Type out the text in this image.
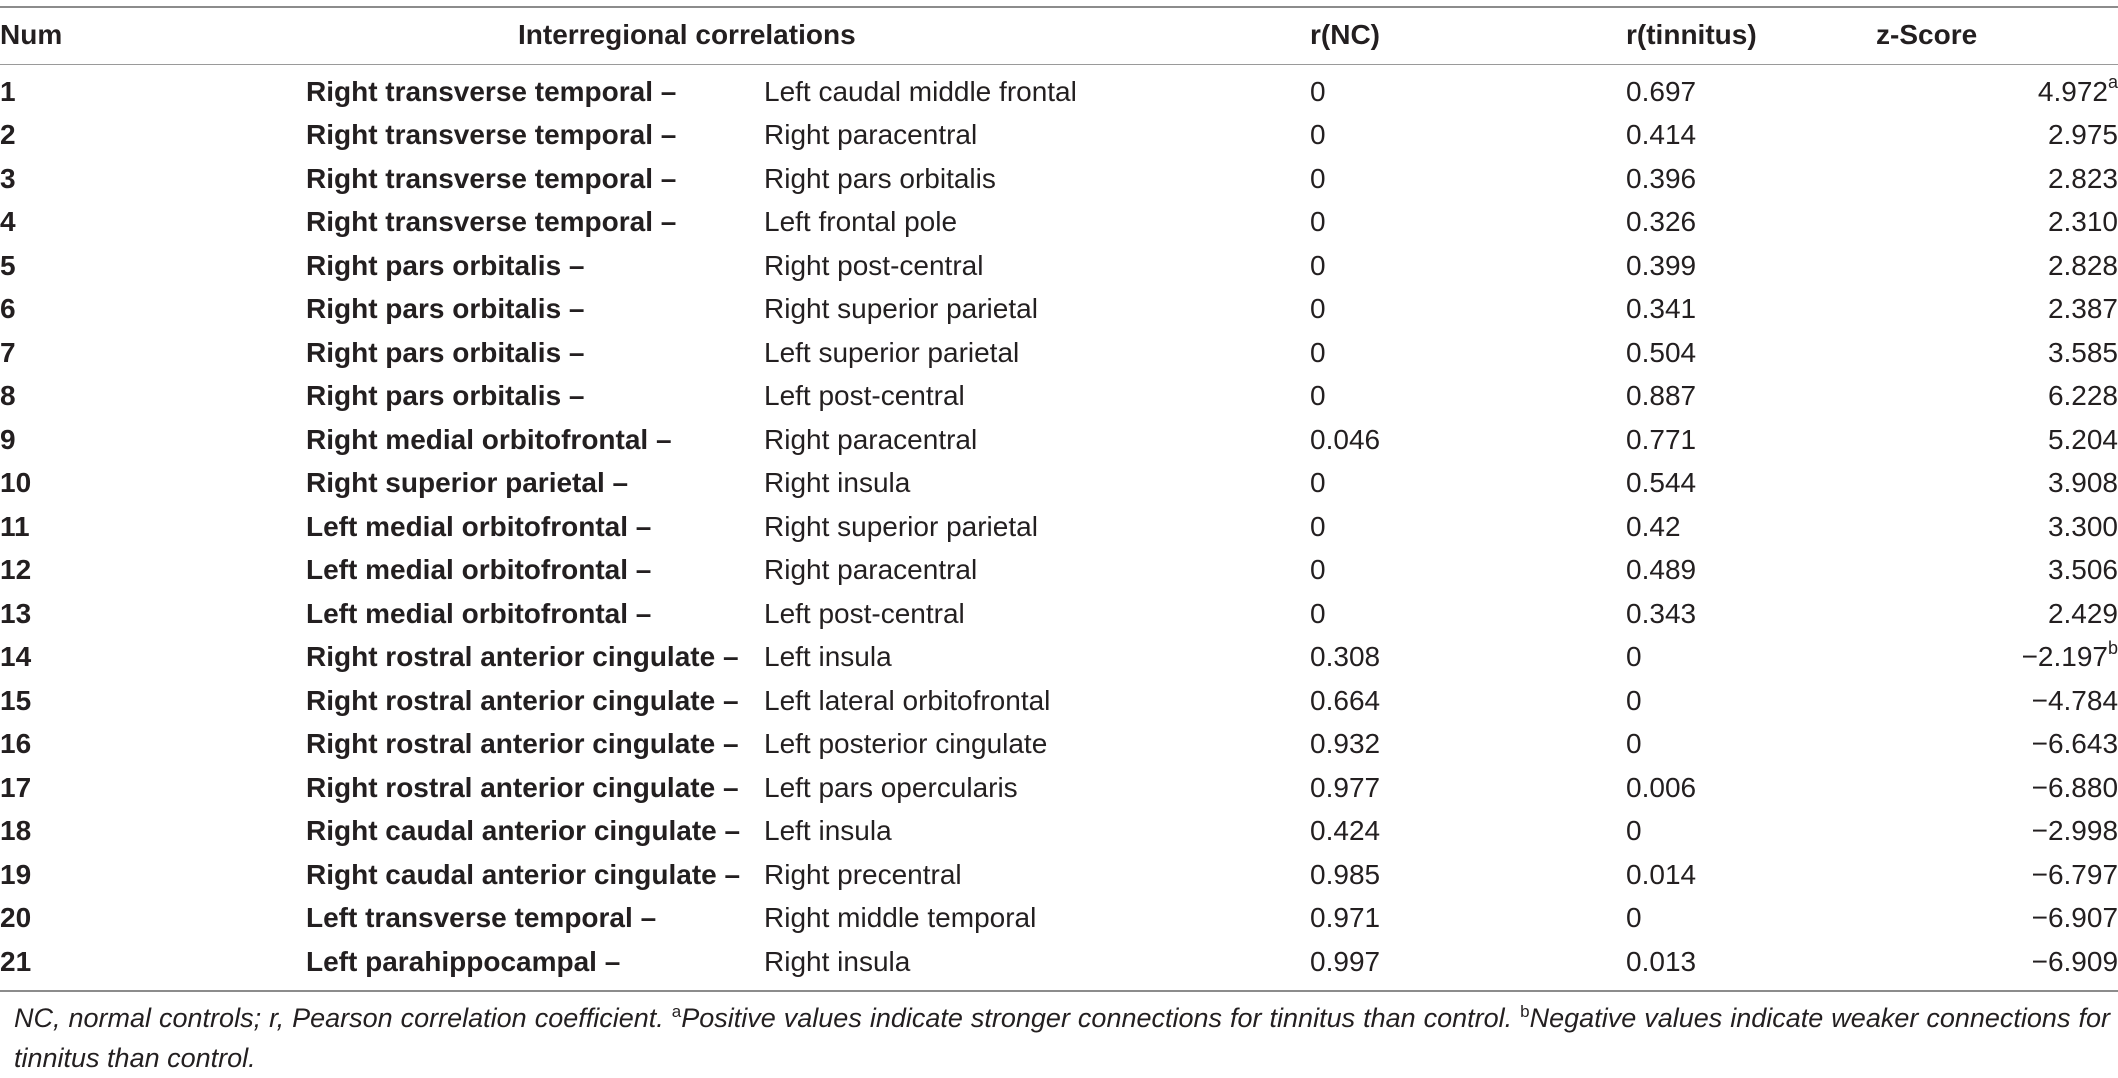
Num	Interregional correlations		r(NC)	r(tinnitus)	z-Score
1	Right transverse temporal –	Left caudal middle frontal	0	0.697	4.972$^a$
2	Right transverse temporal –	Right paracentral	0	0.414	2.975
3	Right transverse temporal –	Right pars orbitalis	0	0.396	2.823
4	Right transverse temporal –	Left frontal pole	0	0.326	2.310
5	Right pars orbitalis –	Right post-central	0	0.399	2.828
6	Right pars orbitalis –	Right superior parietal	0	0.341	2.387
7	Right pars orbitalis –	Left superior parietal	0	0.504	3.585
8	Right pars orbitalis –	Left post-central	0	0.887	6.228
9	Right medial orbitofrontal –	Right paracentral	0.046	0.771	5.204
10	Right superior parietal –	Right insula	0	0.544	3.908
11	Left medial orbitofrontal –	Right superior parietal	0	0.42	3.300
12	Left medial orbitofrontal –	Right paracentral	0	0.489	3.506
13	Left medial orbitofrontal –	Left post-central	0	0.343	2.429
14	Right rostral anterior cingulate –	Left insula	0.308	0	−2.197$^b$
15	Right rostral anterior cingulate –	Left lateral orbitofrontal	0.664	0	−4.784
16	Right rostral anterior cingulate –	Left posterior cingulate	0.932	0	−6.643
17	Right rostral anterior cingulate –	Left pars opercularis	0.977	0.006	−6.880
18	Right caudal anterior cingulate –	Left insula	0.424	0	−2.998
19	Right caudal anterior cingulate –	Right precentral	0.985	0.014	−6.797
20	Left transverse temporal –	Right middle temporal	0.971	0	−6.907
21	Left parahippocampal –	Right insula	0.997	0.013	−6.909
NC, normal controls; r, Pearson correlation coefficient. $^a$Positive values indicate stronger connections for tinnitus than control. $^b$Negative values indicate weaker connections for tinnitus than control.
